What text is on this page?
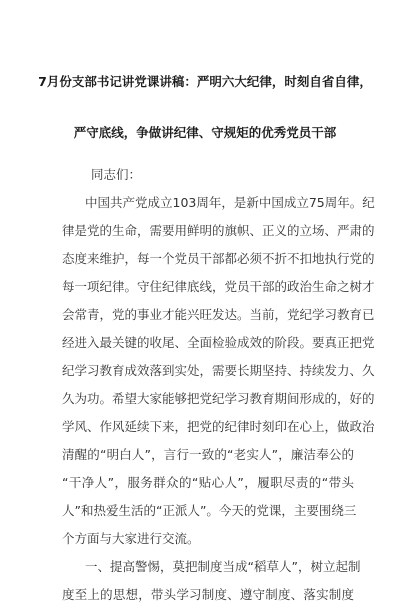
7月份支部书记讲党课讲稿：严明六大纪律，时刻自省自律，
严守底线，争做讲纪律、守规矩的优秀党员干部
同志们：
中国共产党成立103周年，是新中国成立75周年。纪
律是党的生命，需要用鲜明的旗帜、正义的立场、严肃的
态度来维护，每一个党员干部都必须不折不扣地执行党的
每一项纪律。守住纪律底线，党员干部的政治生命之树才
会常青，党的事业才能兴旺发达。当前，党纪学习教育已
经进入最关键的收尾、全面检验成效的阶段。要真正把党
纪学习教育成效落到实处，需要长期坚持、持续发力、久
久为功。希望大家能够把党纪学习教育期间形成的，好的
学风、作风延续下来，把党的纪律时刻印在心上，做政治
清醒的“明白人”，言行一致的“老实人”，廉洁奉公的
“干净人”，服务群众的“贴心人”，履职尽责的“带头
人”和热爱生活的“正派人”。今天的党课，主要围绕三
个方面与大家进行交流。
一、提高警惕，莫把制度当成“稻草人”，树立起制
度至上的思想，带头学习制度、遵守制度、落实制度
